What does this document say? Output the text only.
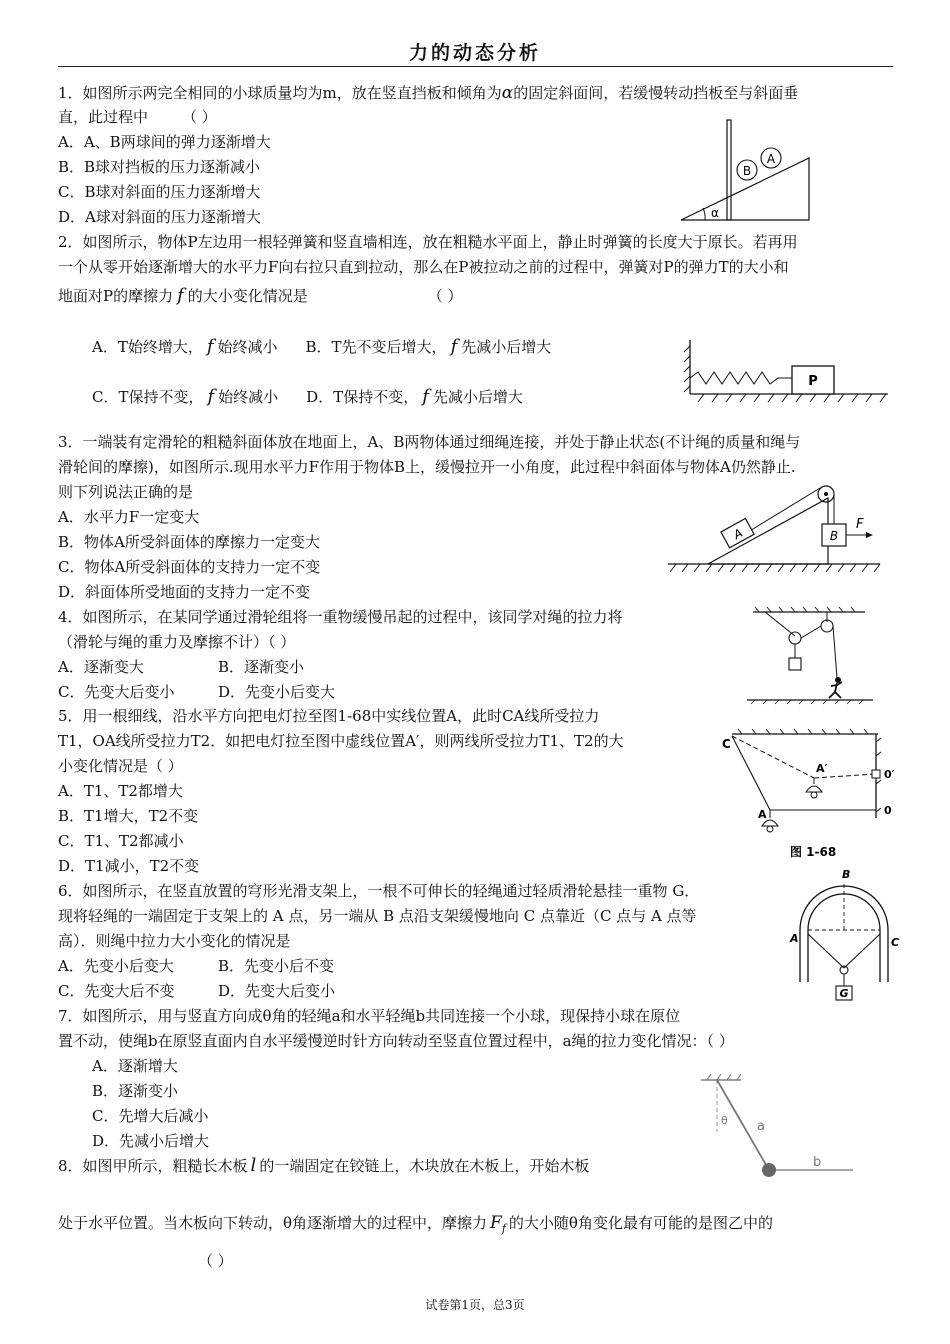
力的动态分析
1．如图所示两完全相同的小球质量均为m，放在竖直挡板和倾角为α的固定斜面间，若缓慢转动挡板至与斜面垂
直，此过程中 （ ）
A．A、B两球间的弹力逐渐增大
B．B球对挡板的压力逐渐减小
C．B球对斜面的压力逐渐增大
D．A球对斜面的压力逐渐增大
B
A
α
2．如图所示，物体P左边用一根轻弹簧和竖直墙相连，放在粗糙水平面上，静止时弹簧的长度大于原长。若再用
一个从零开始逐渐增大的水平力F向右拉只直到拉动，那么在P被拉动之前的过程中，弹簧对P的弹力T的大小和
地面对P的摩擦力 f 的大小变化情况是	（ ）
A．T始终增大， f 始终减小 B．T先不变后增大， f 先减小后增大
C．T保持不变， f 始终减小 D．T保持不变， f 先减小后增大
P
3．一端装有定滑轮的粗糙斜面体放在地面上，A、B两物体通过细绳连接，并处于静止状态(不计绳的质量和绳与
滑轮间的摩擦)，如图所示.现用水平力F作用于物体B上，缓慢拉开一小角度，此过程中斜面体与物体A仍然静止.
则下列说法正确的是
A．水平力F一定变大
B．物体A所受斜面体的摩擦力一定变大
C．物体A所受斜面体的支持力一定不变
D．斜面体所受地面的支持力一定不变
A	B
F
4．如图所示，在某同学通过滑轮组将一重物缓慢吊起的过程中，该同学对绳的拉力将
（滑轮与绳的重力及摩擦不计）（ ）
A．逐渐变大	B．逐渐变小
C．先变大后变小	D．先变小后变大
5．用一根细线，沿水平方向把电灯拉至图1-68中实线位置A，此时CA线所受拉力
T1，OA线所受拉力T2．如把电灯拉至图中虚线位置A′，则两线所受拉力T1、T2的大
小变化情况是（ ）
A．T1、T2都增大
B．T1增大，T2不变
C．T1、T2都减小
D．T1减小，T2不变
C
A′
A
0′
0
图 1-68
6．如图所示，在竖直放置的穹形光滑支架上，一根不可伸长的轻绳通过轻质滑轮悬挂一重物 G．
现将轻绳的一端固定于支架上的 A 点，另一端从 B 点沿支架缓慢地向 C 点靠近（C 点与 A 点等
高）．则绳中拉力大小变化的情况是
A．先变小后变大	B．先变小后不变
C．先变大后不变	D．先变大后变小	G
B
A	C
7．如图所示，用与竖直方向成θ角的轻绳a和水平轻绳b共同连接一个小球，现保持小球在原位
置不动，使绳b在原竖直面内自水平缓慢逆时针方向转动至竖直位置过程中，a绳的拉力变化情况：（ ）
A．逐渐增大
B．逐渐变小
C．先增大后减小
D．先减小后增大
θ a
b
8．如图甲所示，粗糙长木板 l 的一端固定在铰链上，木块放在木板上，开始木板
处于水平位置。当木板向下转动，θ角逐渐增大的过程中，摩擦力 $F_f$ 的大小随θ角变化最有可能的是图乙中的
（ ）
试卷第1页，总3页
